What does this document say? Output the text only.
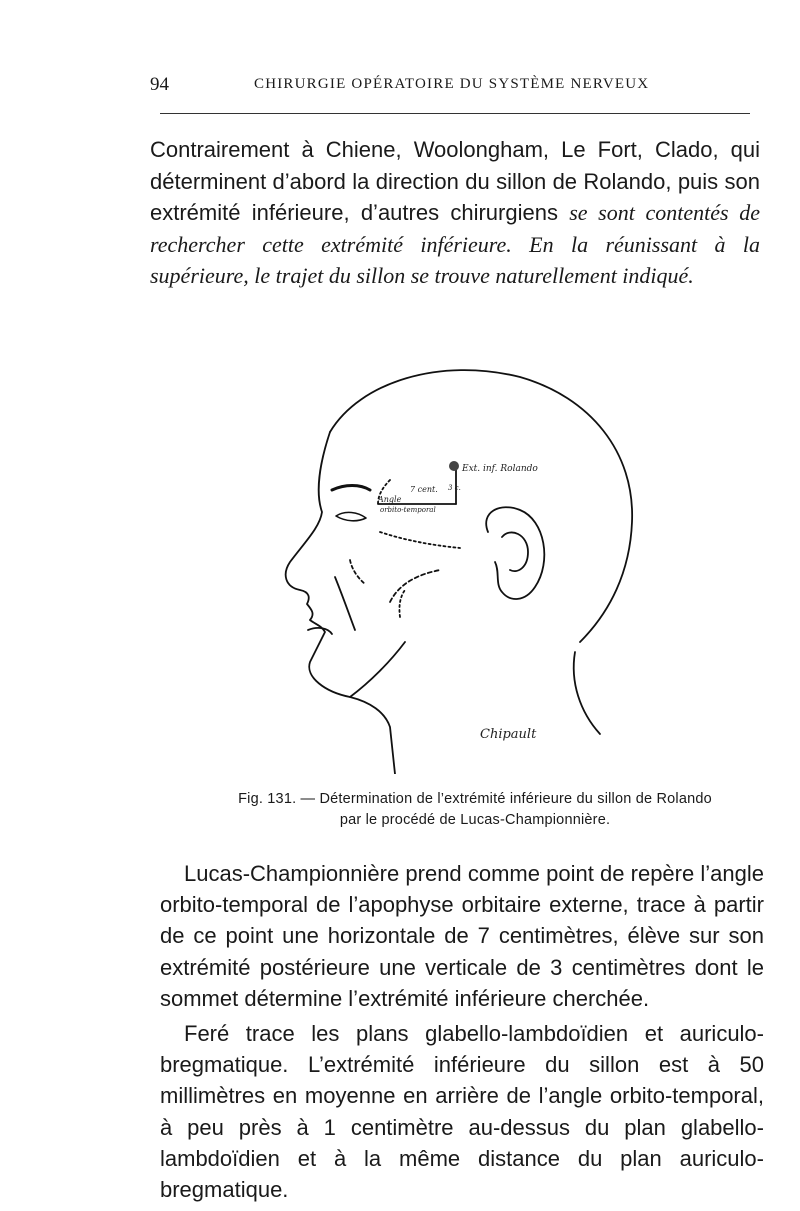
94	CHIRURGIE OPÉRATOIRE DU SYSTÈME NERVEUX

Contrairement à Chiene, Woolongham, Le Fort, Clado, qui déterminent d’abord la direction du sillon de Rolando, puis son extrémité inférieure, d’autres chirurgiens se sont contentés de rechercher cette extrémité inférieure. En la réunissant à la supérieure, le trajet du sillon se trouve naturellement indiqué.

Ext. inf. Rolando
7 cent. 3 c.
Angle
orbito-temporal
Chipault
Fig. 131. — Détermination de l’extrémité inférieure du sillon de Rolando
par le procédé de Lucas-Championnière.

Lucas-Championnière prend comme point de repère l’angle orbito-temporal de l’apophyse orbitaire externe, trace à partir de ce point une horizontale de 7 centimètres, élève sur son extrémité postérieure une verticale de 3 centimètres dont le sommet détermine l’extrémité inférieure cherchée.

Feré trace les plans glabello-lambdoïdien et auriculo-bregmatique. L’extrémité inférieure du sillon est à 50 millimètres en moyenne en arrière de l’angle orbito-temporal, à peu près à 1 centimètre au-dessus du plan glabello-lambdoïdien et à la même distance du plan auriculo-bregmatique.
